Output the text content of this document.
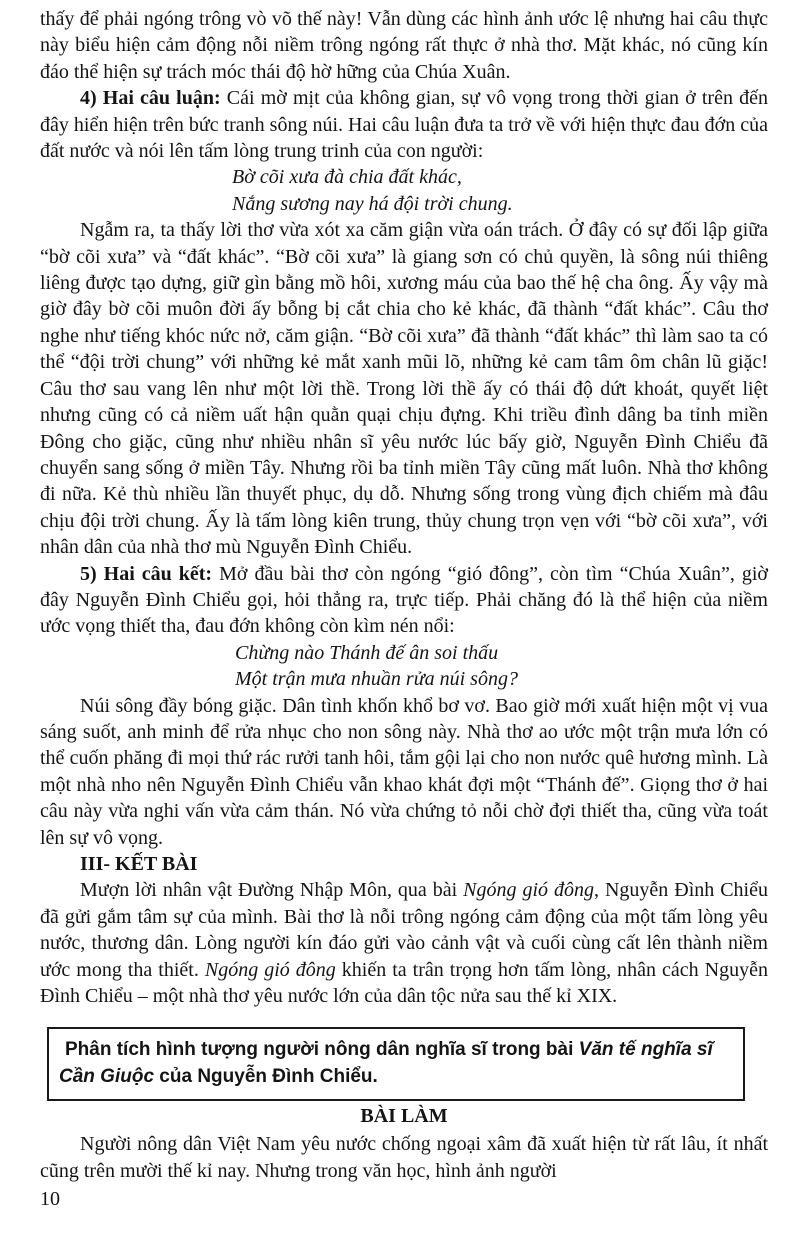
thấy để phải ngóng trông vò võ thế này! Vẫn dùng các hình ảnh ước lệ nhưng hai câu thực này biểu hiện cảm động nỗi niềm trông ngóng rất thực ở nhà thơ. Mặt khác, nó cũng kín đáo thể hiện sự trách móc thái độ hờ hững của Chúa Xuân.

4) Hai câu luận: Cái mờ mịt của không gian, sự vô vọng trong thời gian ở trên đến đây hiển hiện trên bức tranh sông núi. Hai câu luận đưa ta trở về với hiện thực đau đớn của đất nước và nói lên tấm lòng trung trinh của con người:

Bờ cõi xưa đà chia đất khác,
Nắng sương nay há đội trời chung.

Ngẫm ra, ta thấy lời thơ vừa xót xa căm giận vừa oán trách. Ở đây có sự đối lập giữa “bờ cõi xưa” và “đất khác”. “Bờ cõi xưa” là giang sơn có chủ quyền, là sông núi thiêng liêng được tạo dựng, giữ gìn bằng mồ hôi, xương máu của bao thế hệ cha ông. Ấy vậy mà giờ đây bờ cõi muôn đời ấy bỗng bị cắt chia cho kẻ khác, đã thành “đất khác”. Câu thơ nghe như tiếng khóc nức nở, căm giận. “Bờ cõi xưa” đã thành “đất khác” thì làm sao ta có thể “đội trời chung” với những kẻ mắt xanh mũi lõ, những kẻ cam tâm ôm chân lũ giặc! Câu thơ sau vang lên như một lời thề. Trong lời thề ấy có thái độ dứt khoát, quyết liệt nhưng cũng có cả niềm uất hận quằn quại chịu đựng. Khi triều đình dâng ba tỉnh miền Đông cho giặc, cũng như nhiều nhân sĩ yêu nước lúc bấy giờ, Nguyễn Đình Chiểu đã chuyển sang sống ở miền Tây. Nhưng rồi ba tỉnh miền Tây cũng mất luôn. Nhà thơ không đi nữa. Kẻ thù nhiều lần thuyết phục, dụ dỗ. Nhưng sống trong vùng địch chiếm mà đâu chịu đội trời chung. Ấy là tấm lòng kiên trung, thủy chung trọn vẹn với “bờ cõi xưa”, với nhân dân của nhà thơ mù Nguyễn Đình Chiểu.

5) Hai câu kết: Mở đầu bài thơ còn ngóng “gió đông”, còn tìm “Chúa Xuân”, giờ đây Nguyễn Đình Chiểu gọi, hỏi thẳng ra, trực tiếp. Phải chăng đó là thể hiện của niềm ước vọng thiết tha, đau đớn không còn kìm nén nổi:

Chừng nào Thánh đế ân soi thấu
Một trận mưa nhuần rửa núi sông?

Núi sông đầy bóng giặc. Dân tình khốn khổ bơ vơ. Bao giờ mới xuất hiện một vị vua sáng suốt, anh minh để rửa nhục cho non sông này. Nhà thơ ao ước một trận mưa lớn có thể cuốn phăng đi mọi thứ rác rưởi tanh hôi, tắm gội lại cho non nước quê hương mình. Là một nhà nho nên Nguyễn Đình Chiểu vẫn khao khát đợi một “Thánh đế”. Giọng thơ ở hai câu này vừa nghi vấn vừa cảm thán. Nó vừa chứng tỏ nỗi chờ đợi thiết tha, cũng vừa toát lên sự vô vọng.

III- KẾT BÀI

Mượn lời nhân vật Đường Nhập Môn, qua bài Ngóng gió đông, Nguyễn Đình Chiểu đã gửi gắm tâm sự của mình. Bài thơ là nỗi trông ngóng cảm động của một tấm lòng yêu nước, thương dân. Lòng người kín đáo gửi vào cảnh vật và cuối cùng cất lên thành niềm ước mong tha thiết. Ngóng gió đông khiến ta trân trọng hơn tấm lòng, nhân cách Nguyễn Đình Chiểu – một nhà thơ yêu nước lớn của dân tộc nửa sau thế kỉ XIX.

Phân tích hình tượng người nông dân nghĩa sĩ trong bài Văn tế nghĩa sĩ Cần Giuộc của Nguyễn Đình Chiểu.

BÀI LÀM

Người nông dân Việt Nam yêu nước chống ngoại xâm đã xuất hiện từ rất lâu, ít nhất cũng trên mười thế kỉ nay. Nhưng trong văn học, hình ảnh người

10
